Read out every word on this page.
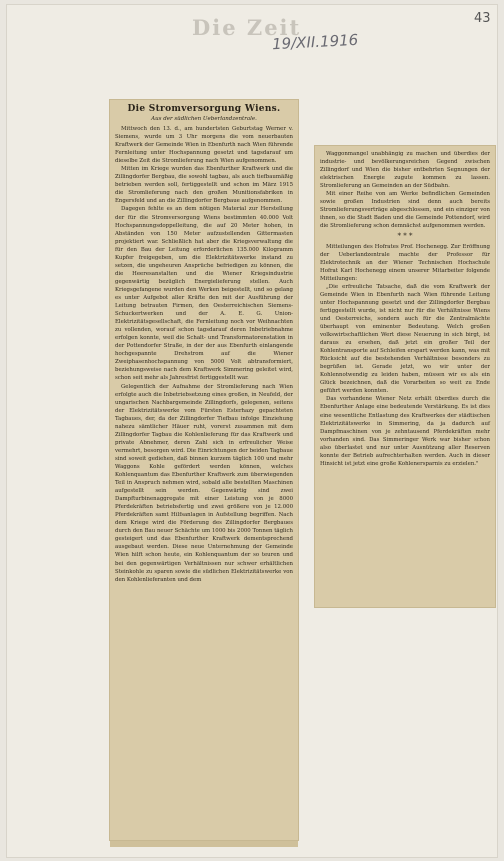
Die Zeit
19/XII.1916
43
Die Stromversorgung Wiens.
Aus der südlichen Ueberlandzentrale.

Mittwoch den 13. d., am hundertsten Geburtstag Werner v. Siemens, wurde um 3 Uhr morgens die vom neuerbauten Kraftwerk der Gemeinde Wien in Ebenfurth nach Wien führende Fernleitung unter Hochspannung gesetzt und tagsdarauf um dieselbe Zeit die Stromlieferung nach Wien aufgenommen.

Mitten im Kriege wurden das Ebenfurther Kraftwerk und die Zillingdorfer Bergbau, die sowohl tagbau, als auch tiefbaumäßig betrieben werden soll, fertiggestellt und schon im März 1915 die Stromlieferung nach den großen Munitionsfabriken in Engersfeld und an die Zillingdorfer Bergbaue aufgenommen.

Dagegen fehlte es an dem nötigen Material zur Herstellung der für die Stromversorgung Wiens bestimmten 40.000 Volt Hochspannungsdoppelleitung, die auf 20 Meter hohen, in Abständen von 150 Meter aufzustellenden Gittermasten projektiert war. Schließlich hat aber die Kriegsverwaltung die für den Bau der Leitung erforderlichen 135.000 Kilogramm Kupfer freigegeben, um die Elektrizitätswerke instand zu setzen, die ungeheuren Ansprüche befriedigen zu können, die die Heeresanstalten und die Wiener Kriegsindustrie gegenwärtig bezüglich Energielieferung stellen. Auch Kriegsgefangene wurden den Werken beigestellt, und so gelang es unter Aufgebot aller Kräfte den mit der Ausführung der Leitung betrauten Firmen, den Oesterreichischen Siemens-Schuckertwerken und der A. E. G. Union-Elektrizitätsgesellschaft, die Fernleitung noch vor Weihnachten zu vollenden, worauf schon tagsdarauf deren Inbetriebnahme erfolgen konnte, weil die Schalt- und Transformatorenstation in der Pottendorfer Straße, in der der aus Ebenfurth einlangende hochgespannte Drehstrom auf die Wiener Zweiphasenhochspannung von 5000 Volt abtransformiert, beziehungsweise nach dem Kraftwerk Simmering geleitet wird, schon seit mehr als Jahresfrist fertiggestellt war.

Gelegentlich der Aufnahme der Stromlieferung nach Wien erfolgte auch die Inbetriebsetzung eines großen, in Neufeld, der ungarischen Nachbargemeinde Zillingdorfs, gelegenen, seitens der Elektrizitätswerke vom Fürsten Esterhazy gepachteten Tagbaues, der, da der Zillingdorfer Tiefbau infolge Einziehung nahezu sämtlicher Häuer ruht, vorerst zusammen mit dem Zillingdorfer Tagbau die Kohlenlieferung für das Kraftwerk und private Abnehmer, deren Zahl sich in erfreulicher Weise vermehrt, besorgen wird. Die Einrichtungen der beiden Tagbaue sind soweit gediehen, daß binnen kurzem täglich 100 und mehr Waggons Kohle gefördert werden können, welches Kohlenquantum das Ebenfurther Kraftwerk zum überwiegenden Teil in Anspruch nehmen wird, sobald alle bestellten Maschinen aufgestellt sein werden. Gegenwärtig sind zwei Dampfturbinenaggregate mit einer Leistung von je 8000 Pferdekräften betriebsfertig und zwei größere von je 12.000 Pferdekräften samt Hilfsanlagen in Aufstellung begriffen. Nach dem Kriege wird die Förderung des Zillingdorfer Bergbaues durch den Bau neuer Schächte um 1000 bis 2000 Tonnen täglich gesteigert und das Ebenfurther Kraftwerk dementsprechend ausgebaut werden. Diese neue Unternehmung der Gemeinde Wien hilft schon heute, ein Kohlenquantum der so teuren und bei den gegenwärtigen Verhältnissen nur schwer erhältlichen Steinkohle zu sparen sowie die südlichen Elektrizitätswerke von den Kohlenlieferanten und dem

Waggonmangel unabhängig zu machen und überdies der industrie- und bevölkerungsreichen Gegend zwischen Zillingdorf und Wien die bisher entbehrten Segnungen der elektrischen Energie zugute kommen zu lassen. Stromlieferung an Gemeinden an der Südbahn.

Mit einer Reihe von am Werke befindlichen Gemeinden sowie großen Industrien sind denn auch bereits Stromlieferungsverträge abgeschlossen, und ein einziger von ihnen, so die Stadt Baden und die Gemeinde Pottendorf, wird die Stromlieferung schon demnächst aufgenommen werden.

* * *

Mitteilungen des Hofrates Prof. Hochenegg. Zur Eröffnung der Ueberlandzentrale machte der Professor für Elektrotechnik an der Wiener Technischen Hochschule Hofrat Karl Hochenegg einem unserer Mitarbeiter folgende Mitteilungen:

„Die erfreuliche Tatsache, daß die vom Kraftwerk der Gemeinde Wien in Ebenfurth nach Wien führende Leitung unter Hochspannung gesetzt und der Zillingdorfer Bergbau fertiggestellt wurde, ist nicht nur für die Verhältnisse Wiens und Oesterreichs, sondern auch für die Zentralmächte überhaupt von eminenter Bedeutung. Welch großen volkswirtschaftlichen Wert diese Neuerung in sich birgt, ist daraus zu ersehen, daß jetzt ein großer Teil der Kohlentransporte auf Schleifen erspart werden kann, was mit Rücksicht auf die bestehenden Verhältnisse besonders zu begrüßen ist. Gerade jetzt, wo wir unter der Kohlennotwendig zu leiden haben, müssen wir es als ein Glück bezeichnen, daß die Vorarbeiten so weit zu Ende geführt werden konnten.

Das vorhandene Wiener Netz erhält überdies durch die Ebenfurther Anlage eine bedeutende Verstärkung. Es ist dies eine wesentliche Entlastung des Kraftwerkes der städtischen Elektrizitätswerke in Simmering, da ja dadurch auf Dampfmaschinen von je zehntausend Pferdekräften mehr vorhanden sind. Das Simmeringer Werk war bisher schon also überlastet und nur unter Ausnützung aller Reserven konnte der Betrieb aufrechterhalten werden. Auch in dieser Hinsicht ist jetzt eine große Kohlenersparnis zu erzielen."
